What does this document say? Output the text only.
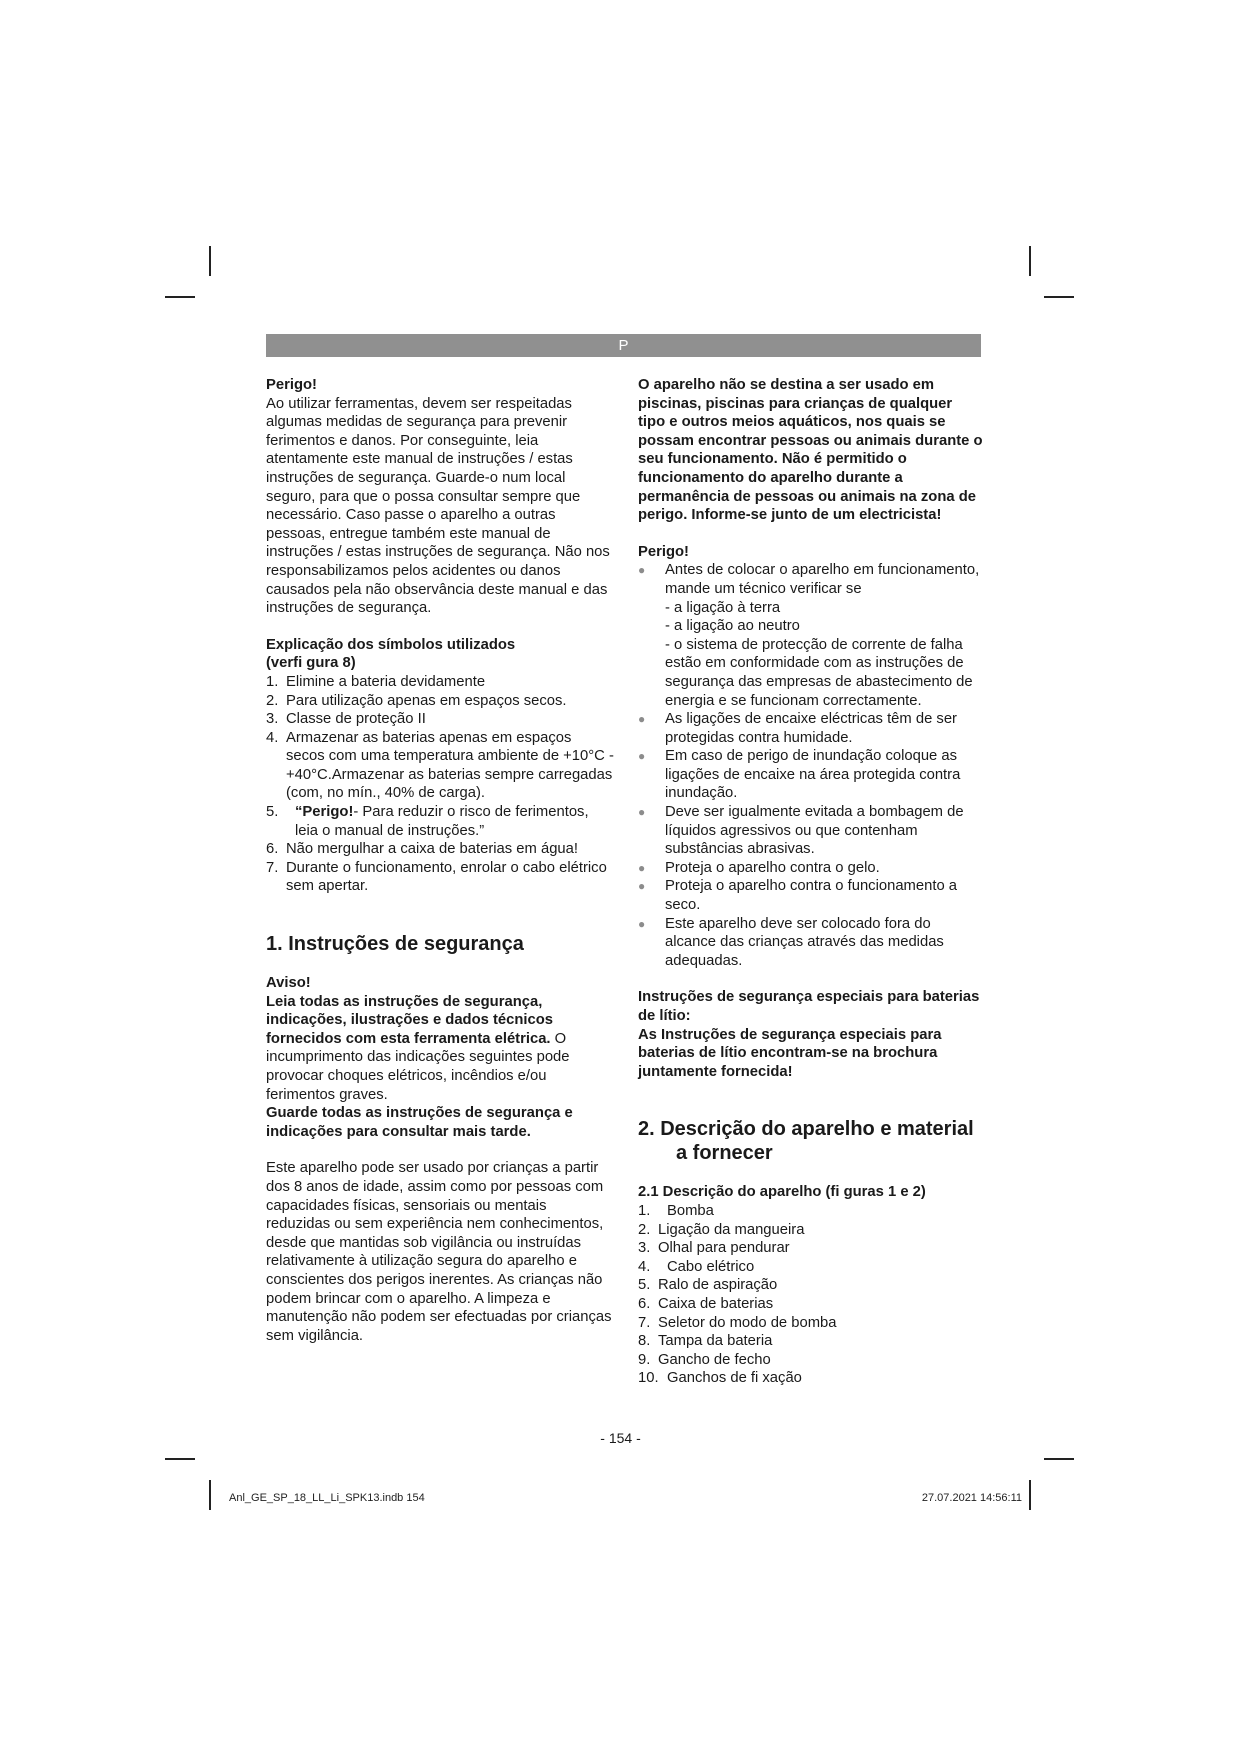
P

Perigo!

Ao utilizar ferramentas, devem ser respeitadas algumas medidas de segurança para prevenir ferimentos e danos. Por conseguinte, leia atentamente este manual de instruções / estas instruções de segurança. Guarde-o num local seguro, para que o possa consultar sempre que necessário. Caso passe o aparelho a outras pessoas, entregue também este manual de instruções / estas instruções de segurança. Não nos responsabilizamos pelos acidentes ou danos causados pela não observância deste manual e das instruções de segurança.

Explicação dos símbolos utilizados

(verfi gura 8)

1. Elimine a bateria devidamente
2. Para utilização apenas em espaços secos.
3. Classe de proteção II
4. Armazenar as baterias apenas em espaços secos com uma temperatura ambiente de +10°C - +40°C.Armazenar as baterias sempre carregadas (com, no mín., 40% de carga).
5.	“Perigo!- Para reduzir o risco de ferimentos, leia o manual de instruções.”
6. Não mergulhar a caixa de baterias em água!
7. Durante o funcionamento, enrolar o cabo elétrico sem apertar.
1. Instruções de segurança

Aviso!

Leia todas as instruções de segurança, indicações, ilustrações e dados técnicos fornecidos com esta ferramenta elétrica. O incumprimento das indicações seguintes pode provocar choques elétricos, incêndios e/ou ferimentos graves.

Guarde todas as instruções de segurança e indicações para consultar mais tarde.

Este aparelho pode ser usado por crianças a partir dos 8 anos de idade, assim como por pessoas com capacidades físicas, sensoriais ou mentais reduzidas ou sem experiência nem conhecimentos, desde que mantidas sob vigilância ou instruídas relativamente à utilização segura do aparelho e conscientes dos perigos inerentes. As crianças não podem brincar com o aparelho. A limpeza e manutenção não podem ser efectuadas por crianças sem vigilância.

O aparelho não se destina a ser usado em piscinas, piscinas para crianças de qualquer tipo e outros meios aquáticos, nos quais se possam encontrar pessoas ou animais durante o seu funcionamento. Não é permitido o funcionamento do aparelho durante a permanência de pessoas ou animais na zona de perigo. Informe-se junto de um electricista!

Perigo!

●	Antes de colocar o aparelho em funcionamento, mande um técnico verificar se

- a ligação à terra

- a ligação ao neutro

- o sistema de protecção de corrente de falha estão em conformidade com as instruções de segurança das empresas de abastecimento de energia e se funcionam correctamente.

●	As ligações de encaixe eléctricas têm de ser protegidas contra humidade.
●	Em caso de perigo de inundação coloque as ligações de encaixe na área protegida contra inundação.
●	Deve ser igualmente evitada a bombagem de líquidos agressivos ou que contenham substâncias abrasivas.
●	Proteja o aparelho contra o gelo.
●	Proteja o aparelho contra o funcionamento a seco.
●	Este aparelho deve ser colocado fora do alcance das crianças através das medidas adequadas.

Instruções de segurança especiais para baterias de lítio:

As Instruções de segurança especiais para baterias de lítio encontram-se na brochura juntamente fornecida!

2. Descrição do aparelho e material
a fornecer

2.1 Descrição do aparelho (fi guras 1 e 2)

1.	Bomba
2. Ligação da mangueira
3. Olhal para pendurar
4.	Cabo elétrico
5. Ralo de aspiração
6. Caixa de baterias
7. Seletor do modo de bomba
8. Tampa da bateria
9. Gancho de fecho
10. Ganchos de fi xação
- 154 -
Anl_GE_SP_18_LL_Li_SPK13.indb 154	27.07.2021 14:56:11
